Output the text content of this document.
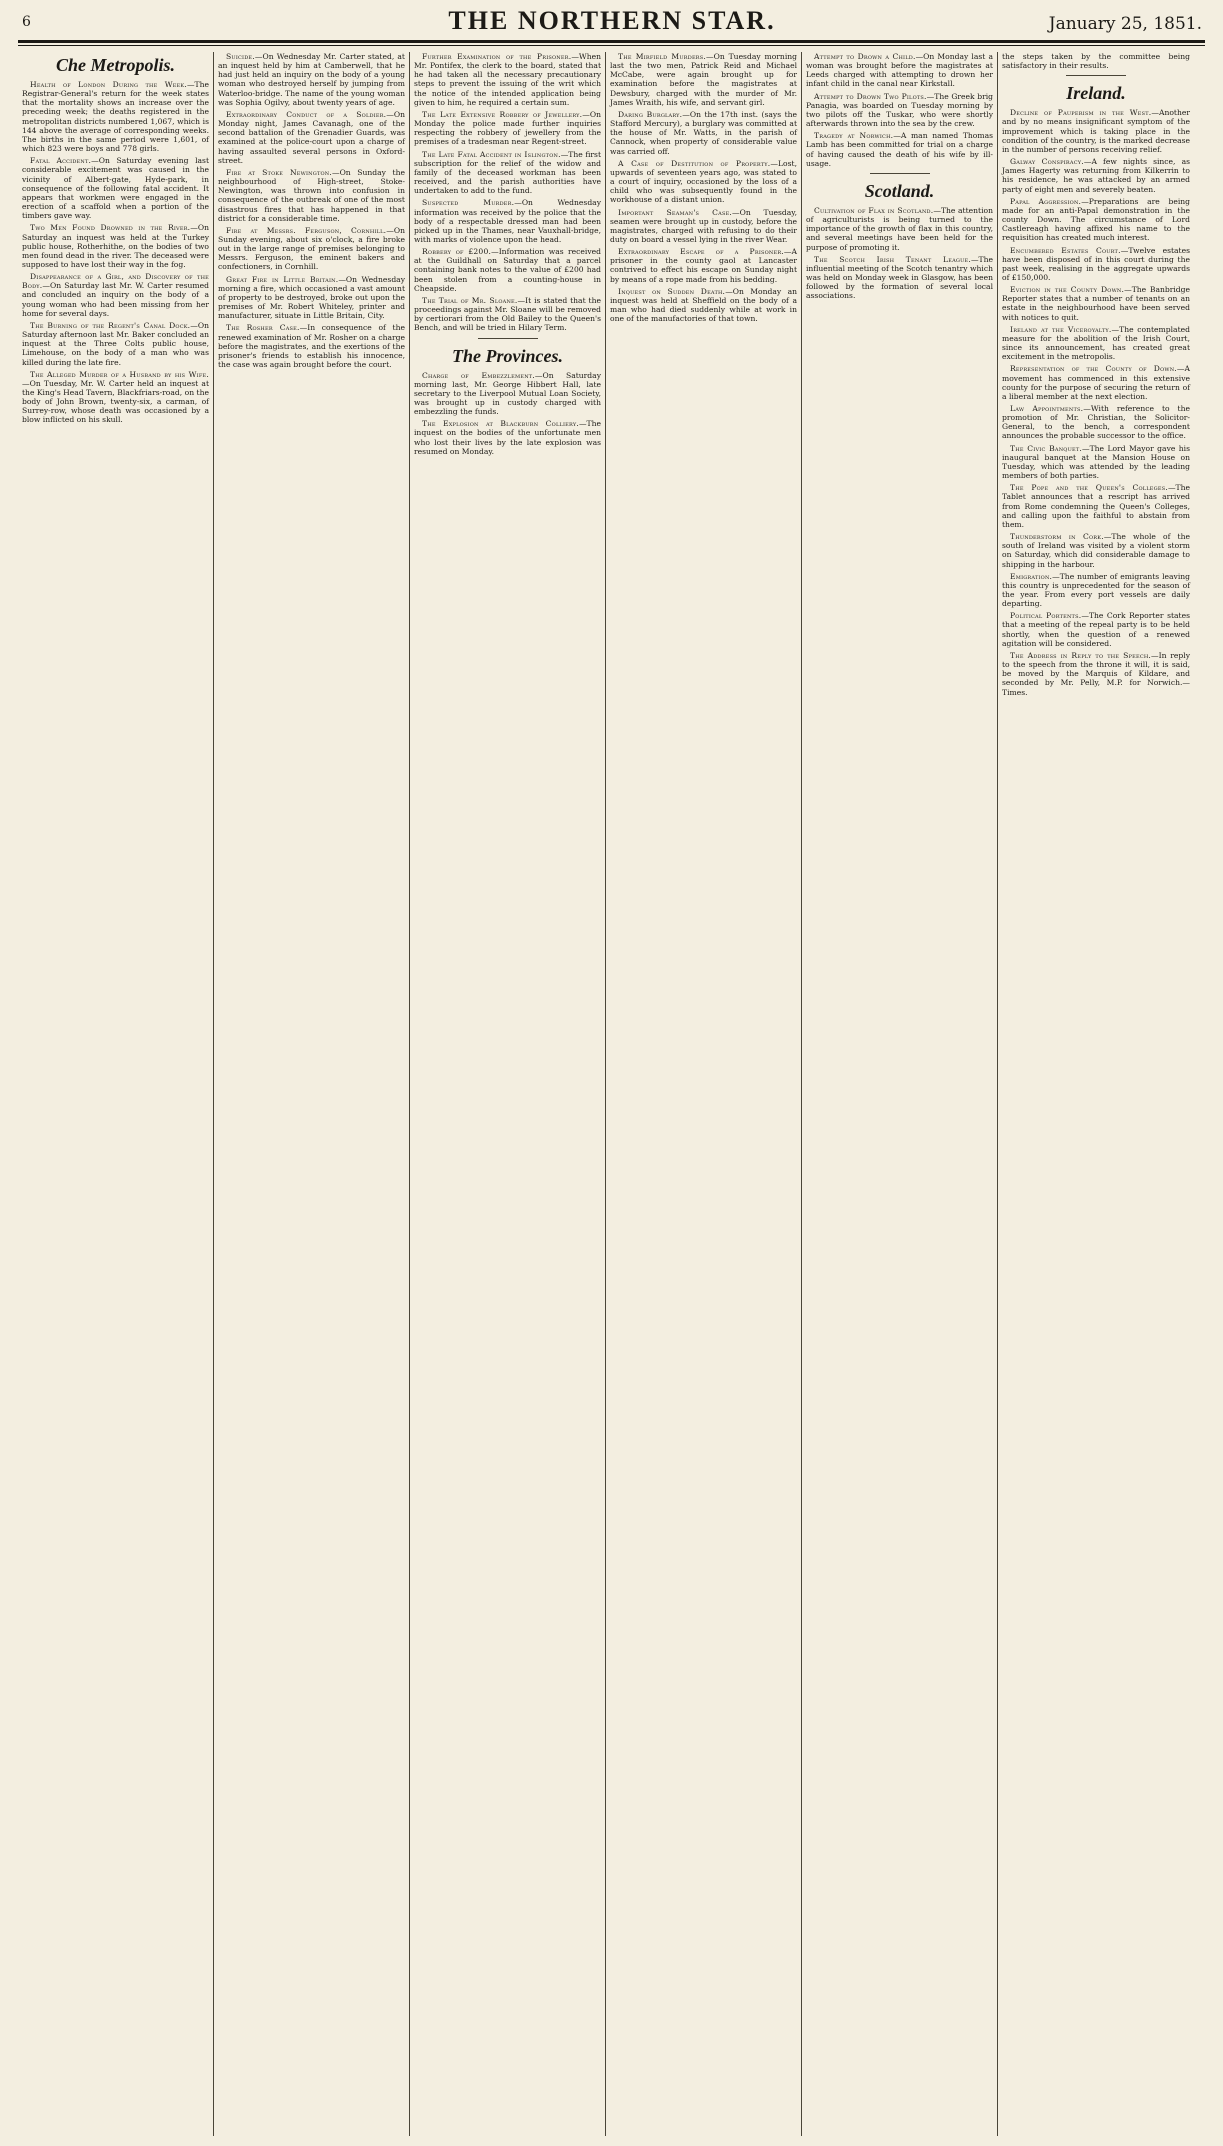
6	THE NORTHERN STAR.	January 25, 1851.
Che Metropolis.

Health of London During the Week.—The Registrar-General's return for the week states that the mortality shows an increase over the preceding week; the deaths registered in the metropolitan districts numbered 1,067, which is 144 above the average of corresponding weeks. The births in the same period were 1,601, of which 823 were boys and 778 girls.

Fatal Accident.—On Saturday evening last considerable excitement was caused in the vicinity of Albert-gate, Hyde-park, in consequence of the following fatal accident. It appears that workmen were engaged in the erection of a scaffold when a portion of the timbers gave way.

Two Men Found Drowned in the River.—On Saturday an inquest was held at the Turkey public house, Rotherhithe, on the bodies of two men found dead in the river. The deceased were supposed to have lost their way in the fog.

Disappearance of a Girl, and Discovery of the Body.—On Saturday last Mr. W. Carter resumed and concluded an inquiry on the body of a young woman who had been missing from her home for several days.

The Burning of the Regent's Canal Dock.—On Saturday afternoon last Mr. Baker concluded an inquest at the Three Colts public house, Limehouse, on the body of a man who was killed during the late fire.

The Alleged Murder of a Husband by his Wife.—On Tuesday, Mr. W. Carter held an inquest at the King's Head Tavern, Blackfriars-road, on the body of John Brown, twenty-six, a carman, of Surrey-row, whose death was occasioned by a blow inflicted on his skull.

Suicide.—On Wednesday Mr. Carter stated, at an inquest held by him at Camberwell, that he had just held an inquiry on the body of a young woman who destroyed herself by jumping from Waterloo-bridge. The name of the young woman was Sophia Ogilvy, about twenty years of age.

Extraordinary Conduct of a Soldier.—On Monday night, James Cavanagh, one of the second battalion of the Grenadier Guards, was examined at the police-court upon a charge of having assaulted several persons in Oxford-street.

Fire at Stoke Newington.—On Sunday the neighbourhood of High-street, Stoke-Newington, was thrown into confusion in consequence of the outbreak of one of the most disastrous fires that has happened in that district for a considerable time.

Fire at Messrs. Ferguson, Cornhill.—On Sunday evening, about six o'clock, a fire broke out in the large range of premises belonging to Messrs. Ferguson, the eminent bakers and confectioners, in Cornhill.

Great Fire in Little Britain.—On Wednesday morning a fire, which occasioned a vast amount of property to be destroyed, broke out upon the premises of Mr. Robert Whiteley, printer and manufacturer, situate in Little Britain, City.

The Rosher Case.—In consequence of the renewed examination of Mr. Rosher on a charge before the magistrates, and the exertions of the prisoner's friends to establish his innocence, the case was again brought before the court.

Further Examination of the Prisoner.—When Mr. Pontifex, the clerk to the board, stated that he had taken all the necessary precautionary steps to prevent the issuing of the writ which the notice of the intended application being given to him, he required a certain sum.

The Late Extensive Robbery of Jewellery.—On Monday the police made further inquiries respecting the robbery of jewellery from the premises of a tradesman near Regent-street.

The Late Fatal Accident in Islington.—The first subscription for the relief of the widow and family of the deceased workman has been received, and the parish authorities have undertaken to add to the fund.

Suspected Murder.—On Wednesday information was received by the police that the body of a respectable dressed man had been picked up in the Thames, near Vauxhall-bridge, with marks of violence upon the head.

Robbery of £200.—Information was received at the Guildhall on Saturday that a parcel containing bank notes to the value of £200 had been stolen from a counting-house in Cheapside.

The Trial of Mr. Sloane.—It is stated that the proceedings against Mr. Sloane will be removed by certiorari from the Old Bailey to the Queen's Bench, and will be tried in Hilary Term.

The Provinces.

Charge of Embezzlement.—On Saturday morning last, Mr. George Hibbert Hall, late secretary to the Liverpool Mutual Loan Society, was brought up in custody charged with embezzling the funds.

The Explosion at Blackburn Colliery.—The inquest on the bodies of the unfortunate men who lost their lives by the late explosion was resumed on Monday.

The Mirfield Murders.—On Tuesday morning last the two men, Patrick Reid and Michael McCabe, were again brought up for examination before the magistrates at Dewsbury, charged with the murder of Mr. James Wraith, his wife, and servant girl.

Daring Burglary.—On the 17th inst. (says the Stafford Mercury), a burglary was committed at the house of Mr. Watts, in the parish of Cannock, when property of considerable value was carried off.

A Case of Destitution of Property.—Lost, upwards of seventeen years ago, was stated to a court of inquiry, occasioned by the loss of a child who was subsequently found in the workhouse of a distant union.

Important Seaman's Case.—On Tuesday, seamen were brought up in custody, before the magistrates, charged with refusing to do their duty on board a vessel lying in the river Wear.

Extraordinary Escape of a Prisoner.—A prisoner in the county gaol at Lancaster contrived to effect his escape on Sunday night by means of a rope made from his bedding.

Inquest on Sudden Death.—On Monday an inquest was held at Sheffield on the body of a man who had died suddenly while at work in one of the manufactories of that town.

Attempt to Drown a Child.—On Monday last a woman was brought before the magistrates at Leeds charged with attempting to drown her infant child in the canal near Kirkstall.

Attempt to Drown Two Pilots.—The Greek brig Panagia, was boarded on Tuesday morning by two pilots off the Tuskar, who were shortly afterwards thrown into the sea by the crew.

Tragedy at Norwich.—A man named Thomas Lamb has been committed for trial on a charge of having caused the death of his wife by ill-usage.

Scotland.

Cultivation of Flax in Scotland.—The attention of agriculturists is being turned to the importance of the growth of flax in this country, and several meetings have been held for the purpose of promoting it.

The Scotch Irish Tenant League.—The influential meeting of the Scotch tenantry which was held on Monday week in Glasgow, has been followed by the formation of several local associations.

the steps taken by the committee being satisfactory in their results.
Ireland.

Decline of Pauperism in the West.—Another and by no means insignificant symptom of the improvement which is taking place in the condition of the country, is the marked decrease in the number of persons receiving relief.

Galway Conspiracy.—A few nights since, as James Hagerty was returning from Kilkerrin to his residence, he was attacked by an armed party of eight men and severely beaten.

Papal Aggression.—Preparations are being made for an anti-Papal demonstration in the county Down. The circumstance of Lord Castlereagh having affixed his name to the requisition has created much interest.

Encumbered Estates Court.—Twelve estates have been disposed of in this court during the past week, realising in the aggregate upwards of £150,000.

Eviction in the County Down.—The Banbridge Reporter states that a number of tenants on an estate in the neighbourhood have been served with notices to quit.

Ireland at the Viceroyalty.—The contemplated measure for the abolition of the Irish Court, since its announcement, has created great excitement in the metropolis.

Representation of the County of Down.—A movement has commenced in this extensive county for the purpose of securing the return of a liberal member at the next election.

Law Appointments.—With reference to the promotion of Mr. Christian, the Solicitor-General, to the bench, a correspondent announces the probable successor to the office.

The Civic Banquet.—The Lord Mayor gave his inaugural banquet at the Mansion House on Tuesday, which was attended by the leading members of both parties.

The Pope and the Queen's Colleges.—The Tablet announces that a rescript has arrived from Rome condemning the Queen's Colleges, and calling upon the faithful to abstain from them.

Thunderstorm in Cork.—The whole of the south of Ireland was visited by a violent storm on Saturday, which did considerable damage to shipping in the harbour.

Emigration.—The number of emigrants leaving this country is unprecedented for the season of the year. From every port vessels are daily departing.

Political Portents.—The Cork Reporter states that a meeting of the repeal party is to be held shortly, when the question of a renewed agitation will be considered.

The Address in Reply to the Speech.—In reply to the speech from the throne it will, it is said, be moved by the Marquis of Kildare, and seconded by Mr. Pelly, M.P. for Norwich.—Times.
